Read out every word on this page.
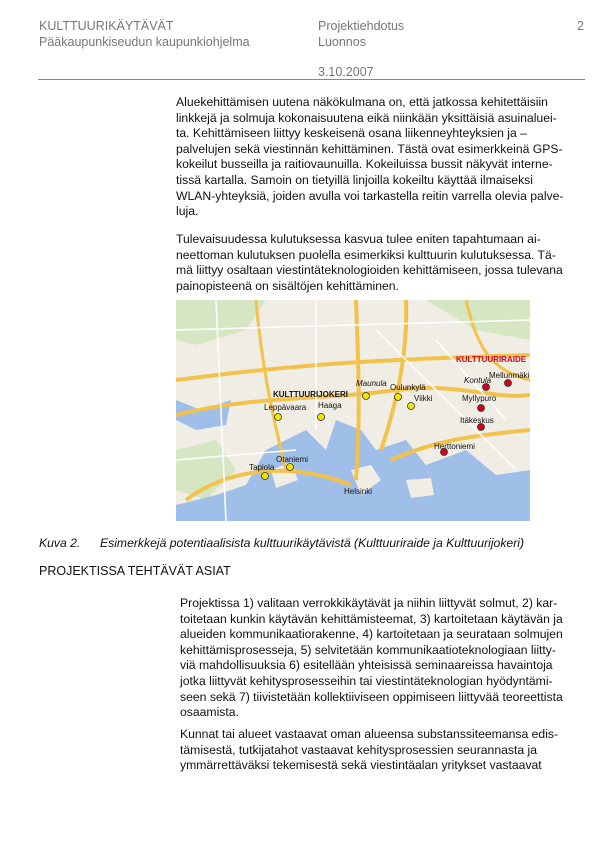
KULTTUURIKÄYTÄVÄT
Pääkaupunkiseudun kaupunkiohjelma
Projektiehdotus
Luonnos
2
3.10.2007
Aluekehittämisen uutena näkökulmana on, että jatkossa kehitettäisiin
linkkejä ja solmuja kokonaisuutena eikä niinkään yksittäisiä asuinaluei-
ta. Kehittämiseen liittyy keskeisenä osana liikenneyhteyksien ja –
palvelujen sekä viestinnän kehittäminen. Tästä ovat esimerkkeinä GPS-
kokeilut busseilla ja raitiovaunuilla. Kokeiluissa bussit näkyvät interne-
tissä kartalla. Samoin on tietyillä linjoilla kokeiltu käyttää ilmaiseksi
WLAN-yhteyksiä, joiden avulla voi tarkastella reitin varrella olevia palve-
luja.
Tulevaisuudessa kulutuksessa kasvua tulee eniten tapahtumaan ai-
neettoman kulutuksen puolella esimerkiksi kulttuurin kulutuksessa. Tä-
mä liittyy osaltaan viestintäteknologioiden kehittämiseen, jossa tulevana
painopisteenä on sisältöjen kehittäminen.
KULTTUURIJOKERI
KULTTUURIRAIDE
Leppävaara Haaga
Maunula Oulunkylä
Viikki
Otaniemi
Tapiola
Kontula
Mellunmäki
Myllypuro
Itäkeskus
Herttoniemi
Helsinki
Kuva 2. Esimerkkejä potentiaalisista kulttuurikäytävistä (Kulttuuriraide ja Kulttuurijokeri)
PROJEKTISSA TEHTÄVÄT ASIAT
Projektissa 1) valitaan verrokkikäytävät ja niihin liittyvät solmut, 2) kar-
toitetaan kunkin käytävän kehittämisteemat, 3) kartoitetaan käytävän ja
alueiden kommunikaatiorakenne, 4) kartoitetaan ja seurataan solmujen
kehittämisprosesseja, 5) selvitetään kommunikaatioteknologiaan liitty-
viä mahdollisuuksia 6) esitellään yhteisissä seminaareissa havaintoja
jotka liittyvät kehitysprosesseihin tai viestintäteknologian hyödyntämi-
seen sekä 7) tiivistetään kollektiiviseen oppimiseen liittyvää teoreettista
osaamista.
Kunnat tai alueet vastaavat oman alueensa substanssiteemansa edis-
tämisestä, tutkijatahot vastaavat kehitysprosessien seurannasta ja
ymmärrettäväksi tekemisestä sekä viestintäalan yritykset vastaavat
